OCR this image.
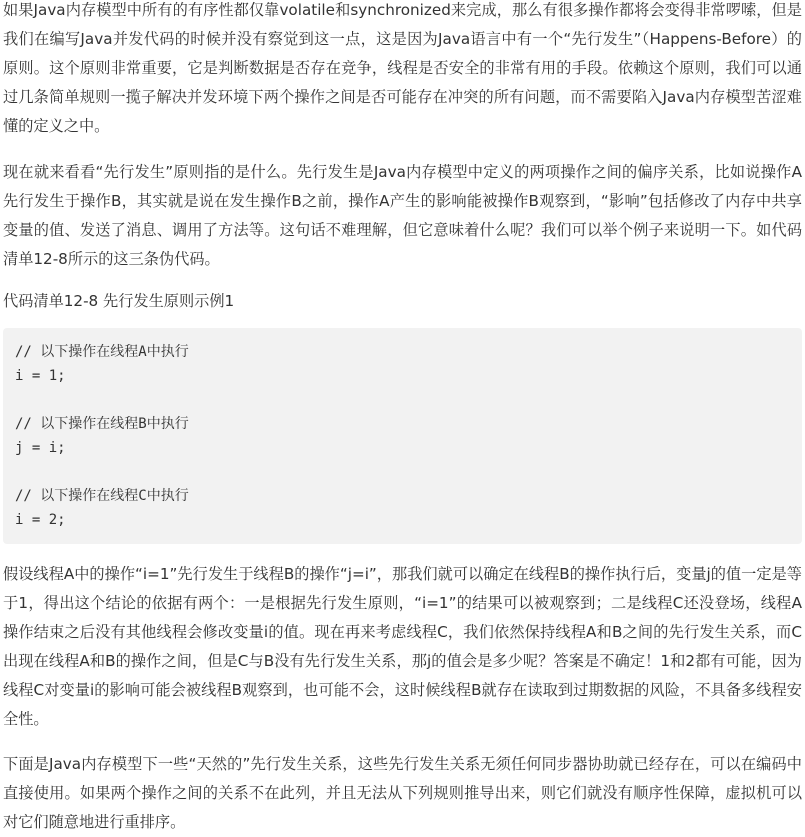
如果Java内存模型中所有的有序性都仅靠volatile和synchronized来完成，那么有很多操作都将会变得非常啰嗦，但是我们在编写Java并发代码的时候并没有察觉到这一点，这是因为Java语言中有一个“先行发生”（Happens-Before）的原则。这个原则非常重要，它是判断数据是否存在竞争，线程是否安全的非常有用的手段。依赖这个原则，我们可以通过几条简单规则一揽子解决并发环境下两个操作之间是否可能存在冲突的所有问题，而不需要陷入Java内存模型苦涩难懂的定义之中。

现在就来看看“先行发生”原则指的是什么。先行发生是Java内存模型中定义的两项操作之间的偏序关系，比如说操作A先行发生于操作B，其实就是说在发生操作B之前，操作A产生的影响能被操作B观察到，“影响”包括修改了内存中共享变量的值、发送了消息、调用了方法等。这句话不难理解，但它意味着什么呢？我们可以举个例子来说明一下。如代码清单12-8所示的这三条伪代码。

代码清单12-8 先行发生原则示例1

// 以下操作在线程A中执行
i = 1;
// 以下操作在线程B中执行
j = i;
// 以下操作在线程C中执行
i = 2;

假设线程A中的操作“i=1”先行发生于线程B的操作“j=i”，那我们就可以确定在线程B的操作执行后，变量j的值一定是等于1，得出这个结论的依据有两个：一是根据先行发生原则，“i=1”的结果可以被观察到；二是线程C还没登场，线程A操作结束之后没有其他线程会修改变量i的值。现在再来考虑线程C，我们依然保持线程A和B之间的先行发生关系，而C出现在线程A和B的操作之间，但是C与B没有先行发生关系，那j的值会是多少呢？答案是不确定！1和2都有可能，因为线程C对变量i的影响可能会被线程B观察到，也可能不会，这时候线程B就存在读取到过期数据的风险，不具备多线程安全性。

下面是Java内存模型下一些“天然的”先行发生关系，这些先行发生关系无须任何同步器协助就已经存在，可以在编码中直接使用。如果两个操作之间的关系不在此列，并且无法从下列规则推导出来，则它们就没有顺序性保障，虚拟机可以对它们随意地进行重排序。
